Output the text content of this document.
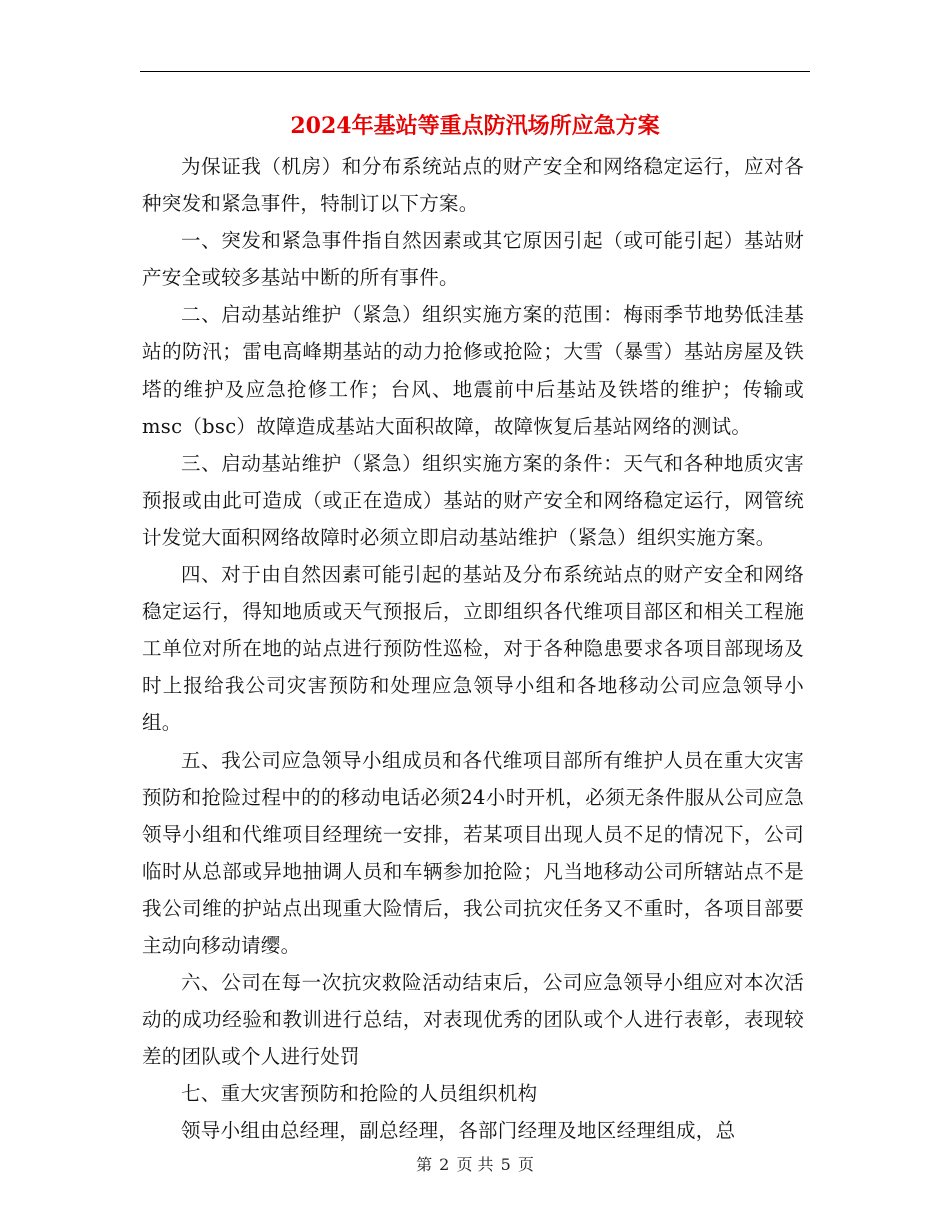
2024年基站等重点防汛场所应急方案

为保证我（机房）和分布系统站点的财产安全和网络稳定运行，应对各种突发和紧急事件，特制订以下方案。

一、突发和紧急事件指自然因素或其它原因引起（或可能引起）基站财产安全或较多基站中断的所有事件。

二、启动基站维护（紧急）组织实施方案的范围：梅雨季节地势低洼基站的防汛；雷电高峰期基站的动力抢修或抢险；大雪（暴雪）基站房屋及铁塔的维护及应急抢修工作；台风、地震前中后基站及铁塔的维护；传输或msc（bsc）故障造成基站大面积故障，故障恢复后基站网络的测试。

三、启动基站维护（紧急）组织实施方案的条件：天气和各种地质灾害预报或由此可造成（或正在造成）基站的财产安全和网络稳定运行，网管统计发觉大面积网络故障时必须立即启动基站维护（紧急）组织实施方案。

四、对于由自然因素可能引起的基站及分布系统站点的财产安全和网络稳定运行，得知地质或天气预报后，立即组织各代维项目部区和相关工程施工单位对所在地的站点进行预防性巡检，对于各种隐患要求各项目部现场及时上报给我公司灾害预防和处理应急领导小组和各地移动公司应急领导小组。

五、我公司应急领导小组成员和各代维项目部所有维护人员在重大灾害预防和抢险过程中的的移动电话必须24小时开机，必须无条件服从公司应急领导小组和代维项目经理统一安排，若某项目出现人员不足的情况下，公司临时从总部或异地抽调人员和车辆参加抢险；凡当地移动公司所辖站点不是我公司维的护站点出现重大险情后，我公司抗灾任务又不重时，各项目部要主动向移动请缨。

六、公司在每一次抗灾救险活动结束后，公司应急领导小组应对本次活动的成功经验和教训进行总结，对表现优秀的团队或个人进行表彰，表现较差的团队或个人进行处罚

七、重大灾害预防和抢险的人员组织机构

领导小组由总经理，副总经理，各部门经理及地区经理组成，总

第 2 页 共 5 页
